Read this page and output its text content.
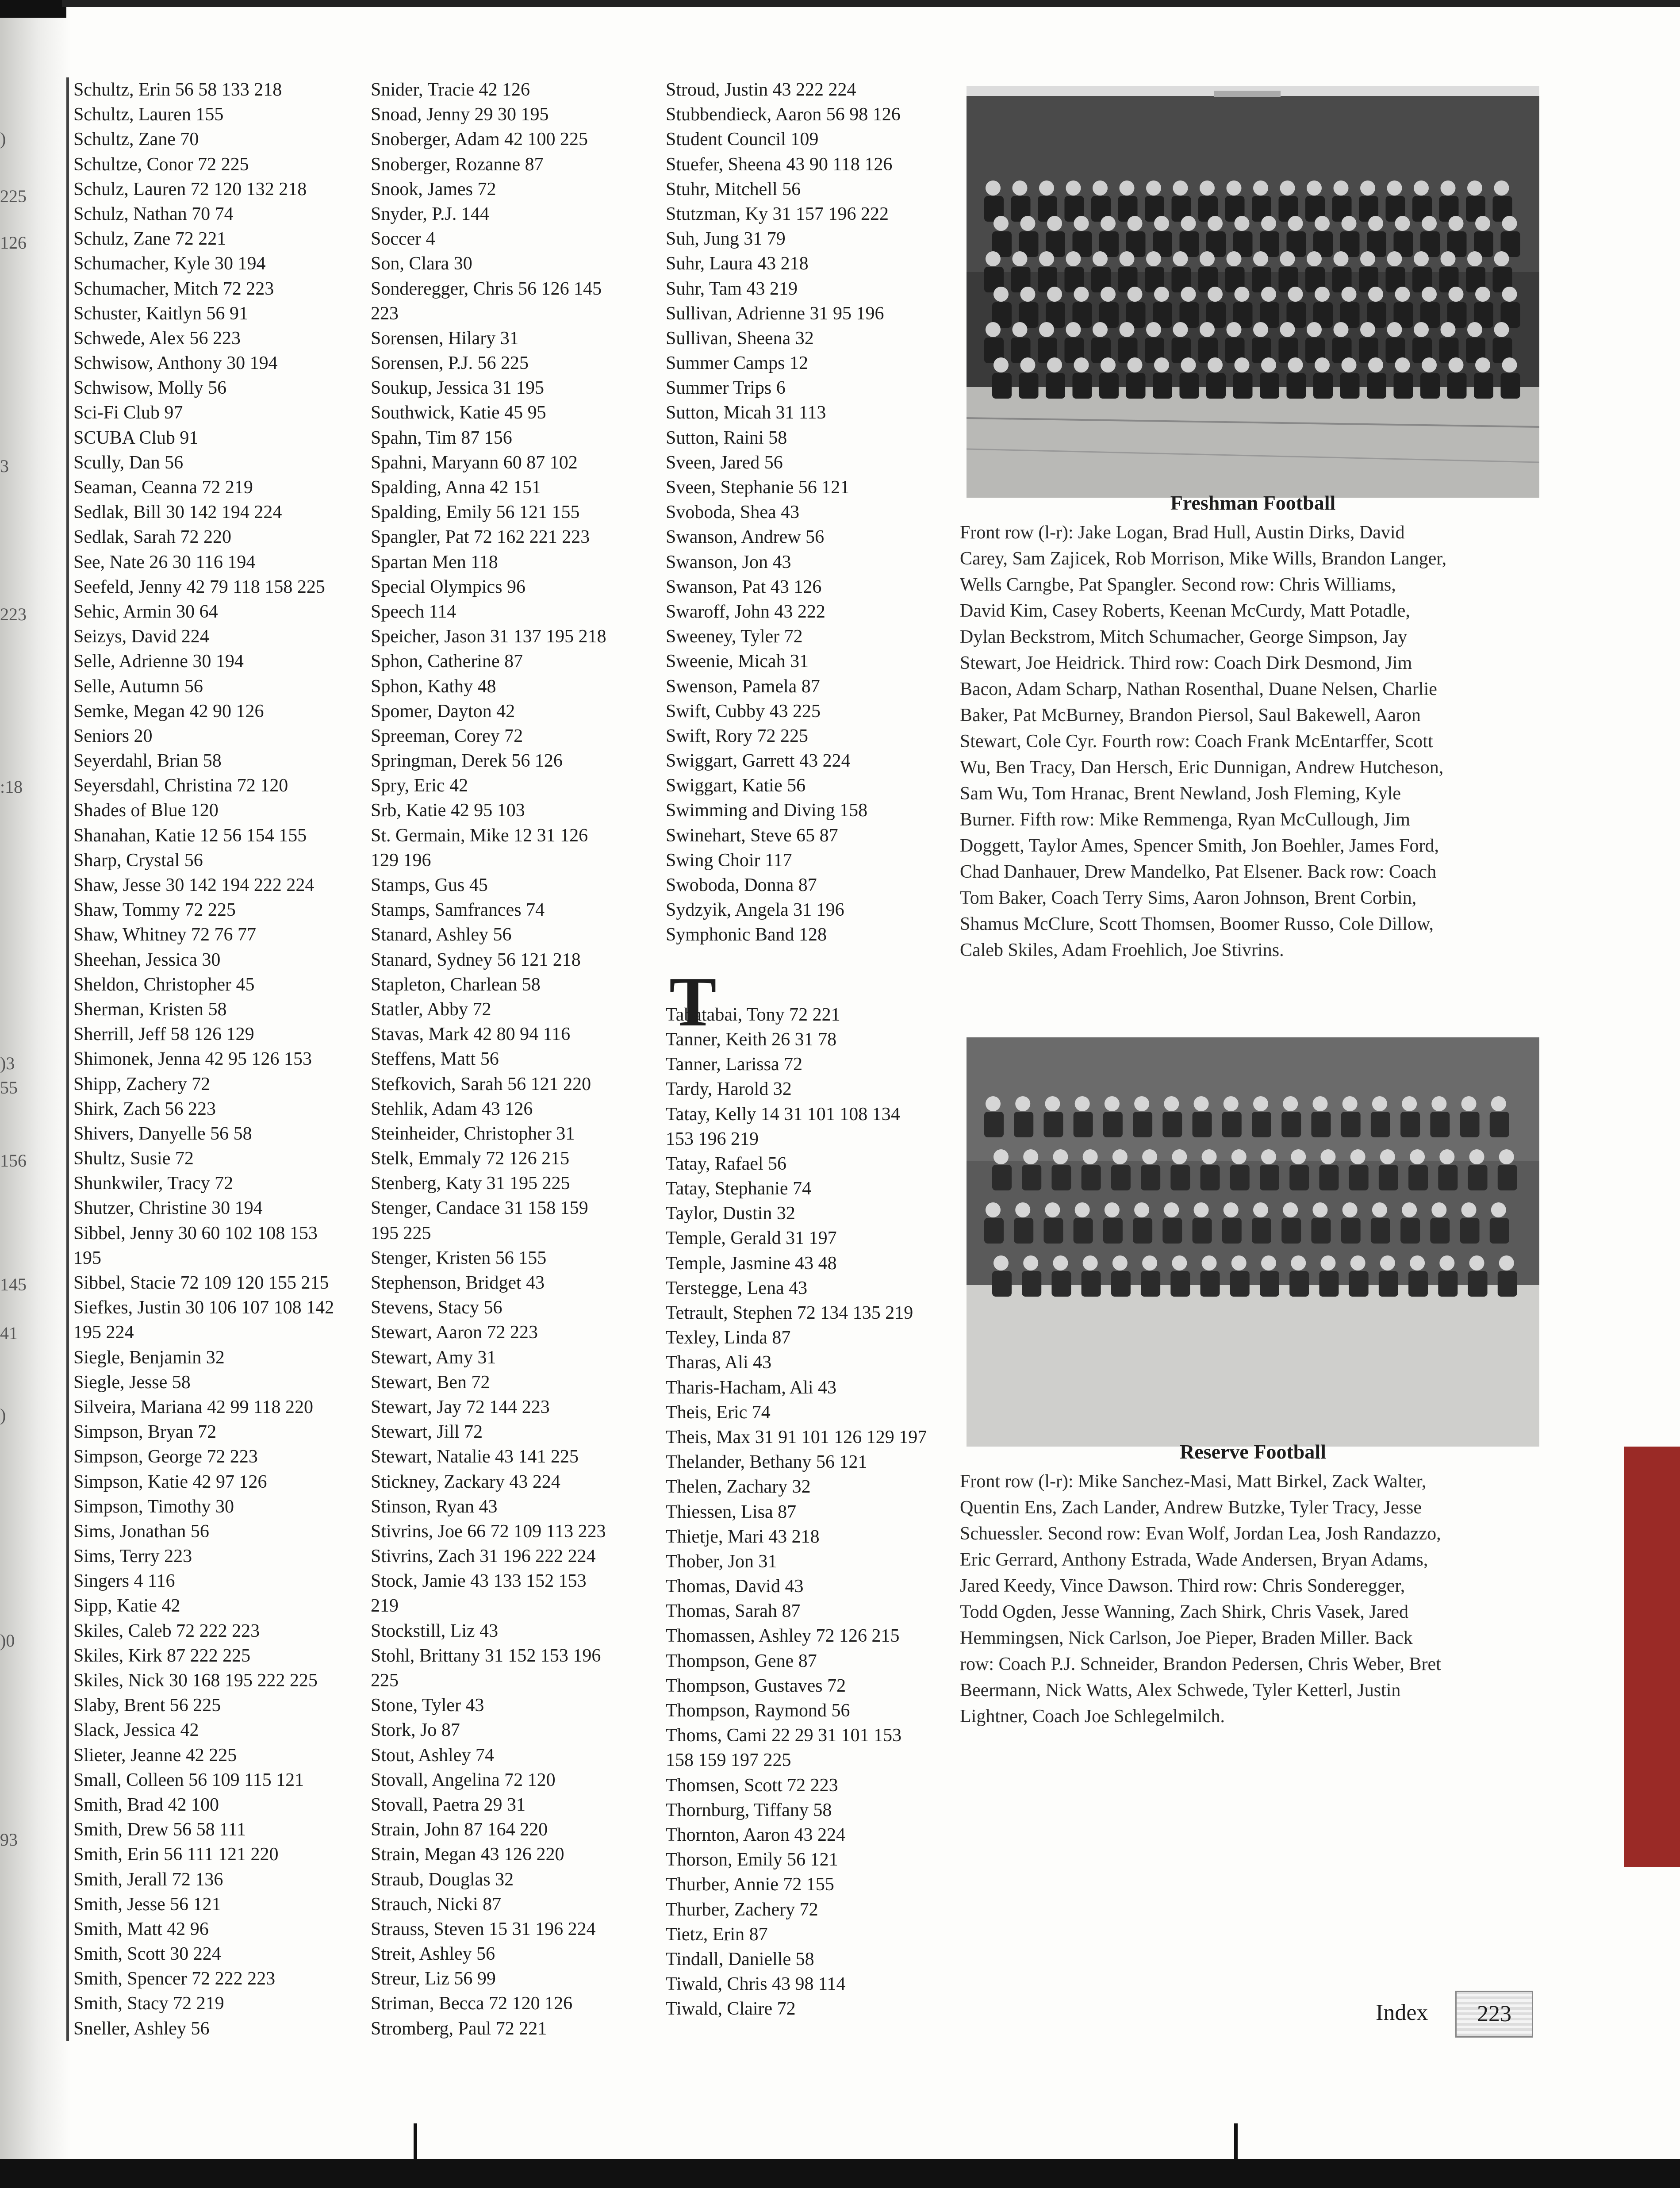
Schultz, Erin 56 58 133 218
Schultz, Lauren 155
Schultz, Zane 70
Schultze, Conor 72 225
Schulz, Lauren 72 120 132 218
Schulz, Nathan 70 74
Schulz, Zane 72 221
Schumacher, Kyle 30 194
Schumacher, Mitch 72 223
Schuster, Kaitlyn 56 91
Schwede, Alex 56 223
Schwisow, Anthony 30 194
Schwisow, Molly 56
Sci-Fi Club 97
SCUBA Club 91
Scully, Dan 56
Seaman, Ceanna 72 219
Sedlak, Bill 30 142 194 224
Sedlak, Sarah 72 220
See, Nate 26 30 116 194
Seefeld, Jenny 42 79 118 158 225
Sehic, Armin 30 64
Seizys, David 224
Selle, Adrienne 30 194
Selle, Autumn 56
Semke, Megan 42 90 126
Seniors 20
Seyerdahl, Brian 58
Seyersdahl, Christina 72 120
Shades of Blue 120
Shanahan, Katie 12 56 154 155
Sharp, Crystal 56
Shaw, Jesse 30 142 194 222 224
Shaw, Tommy 72 225
Shaw, Whitney 72 76 77
Sheehan, Jessica 30
Sheldon, Christopher 45
Sherman, Kristen 58
Sherrill, Jeff 58 126 129
Shimonek, Jenna 42 95 126 153
Shipp, Zachery 72
Shirk, Zach 56 223
Shivers, Danyelle 56 58
Shultz, Susie 72
Shunkwiler, Tracy 72
Shutzer, Christine 30 194
Sibbel, Jenny 30 60 102 108 153
195
Sibbel, Stacie 72 109 120 155 215
Siefkes, Justin 30 106 107 108 142
195 224
Siegle, Benjamin 32
Siegle, Jesse 58
Silveira, Mariana 42 99 118 220
Simpson, Bryan 72
Simpson, George 72 223
Simpson, Katie 42 97 126
Simpson, Timothy 30
Sims, Jonathan 56
Sims, Terry 223
Singers 4 116
Sipp, Katie 42
Skiles, Caleb 72 222 223
Skiles, Kirk 87 222 225
Skiles, Nick 30 168 195 222 225
Slaby, Brent 56 225
Slack, Jessica 42
Slieter, Jeanne 42 225
Small, Colleen 56 109 115 121
Smith, Brad 42 100
Smith, Drew 56 58 111
Smith, Erin 56 111 121 220
Smith, Jerall 72 136
Smith, Jesse 56 121
Smith, Matt 42 96
Smith, Scott 30 224
Smith, Spencer 72 222 223
Smith, Stacy 72 219
Sneller, Ashley 56
Snider, Tracie 42 126
Snoad, Jenny 29 30 195
Snoberger, Adam 42 100 225
Snoberger, Rozanne 87
Snook, James 72
Snyder, P.J. 144
Soccer 4
Son, Clara 30
Sonderegger, Chris 56 126 145
223
Sorensen, Hilary 31
Sorensen, P.J. 56 225
Soukup, Jessica 31 195
Southwick, Katie 45 95
Spahn, Tim 87 156
Spahni, Maryann 60 87 102
Spalding, Anna 42 151
Spalding, Emily 56 121 155
Spangler, Pat 72 162 221 223
Spartan Men 118
Special Olympics 96
Speech 114
Speicher, Jason 31 137 195 218
Sphon, Catherine 87
Sphon, Kathy 48
Spomer, Dayton 42
Spreeman, Corey 72
Springman, Derek 56 126
Spry, Eric 42
Srb, Katie 42 95 103
St. Germain, Mike 12 31 126
129 196
Stamps, Gus 45
Stamps, Samfrances 74
Stanard, Ashley 56
Stanard, Sydney 56 121 218
Stapleton, Charlean 58
Statler, Abby 72
Stavas, Mark 42 80 94 116
Steffens, Matt 56
Stefkovich, Sarah 56 121 220
Stehlik, Adam 43 126
Steinheider, Christopher 31
Stelk, Emmaly 72 126 215
Stenberg, Katy 31 195 225
Stenger, Candace 31 158 159
195 225
Stenger, Kristen 56 155
Stephenson, Bridget 43
Stevens, Stacy 56
Stewart, Aaron 72 223
Stewart, Amy 31
Stewart, Ben 72
Stewart, Jay 72 144 223
Stewart, Jill 72
Stewart, Natalie 43 141 225
Stickney, Zackary 43 224
Stinson, Ryan 43
Stivrins, Joe 66 72 109 113 223
Stivrins, Zach 31 196 222 224
Stock, Jamie 43 133 152 153
219
Stockstill, Liz 43
Stohl, Brittany 31 152 153 196
225
Stone, Tyler 43
Stork, Jo 87
Stout, Ashley 74
Stovall, Angelina 72 120
Stovall, Paetra 29 31
Strain, John 87 164 220
Strain, Megan 43 126 220
Straub, Douglas 32
Strauch, Nicki 87
Strauss, Steven 15 31 196 224
Streit, Ashley 56
Streur, Liz 56 99
Striman, Becca 72 120 126
Stromberg, Paul 72 221
Stroud, Justin 43 222 224
Stubbendieck, Aaron 56 98 126
Student Council 109
Stuefer, Sheena 43 90 118 126
Stuhr, Mitchell 56
Stutzman, Ky 31 157 196 222
Suh, Jung 31 79
Suhr, Laura 43 218
Suhr, Tam 43 219
Sullivan, Adrienne 31 95 196
Sullivan, Sheena 32
Summer Camps 12
Summer Trips 6
Sutton, Micah 31 113
Sutton, Raini 58
Sveen, Jared 56
Sveen, Stephanie 56 121
Svoboda, Shea 43
Swanson, Andrew 56
Swanson, Jon 43
Swanson, Pat 43 126
Swaroff, John 43 222
Sweeney, Tyler 72
Sweenie, Micah 31
Swenson, Pamela 87
Swift, Cubby 43 225
Swift, Rory 72 225
Swiggart, Garrett 43 224
Swiggart, Katie 56
Swimming and Diving 158
Swinehart, Steve 65 87
Swing Choir 117
Swoboda, Donna 87
Sydzyik, Angela 31 196
Symphonic Band 128
T
Tabatabai, Tony 72 221
Tanner, Keith 26 31 78
Tanner, Larissa 72
Tardy, Harold 32
Tatay, Kelly 14 31 101 108 134
153 196 219
Tatay, Rafael 56
Tatay, Stephanie 74
Taylor, Dustin 32
Temple, Gerald 31 197
Temple, Jasmine 43 48
Terstegge, Lena 43
Tetrault, Stephen 72 134 135 219
Texley, Linda 87
Tharas, Ali 43
Tharis-Hacham, Ali 43
Theis, Eric 74
Theis, Max 31 91 101 126 129 197
Thelander, Bethany 56 121
Thelen, Zachary 32
Thiessen, Lisa 87
Thietje, Mari 43 218
Thober, Jon 31
Thomas, David 43
Thomas, Sarah 87
Thomassen, Ashley 72 126 215
Thompson, Gene 87
Thompson, Gustaves 72
Thompson, Raymond 56
Thoms, Cami 22 29 31 101 153
158 159 197 225
Thomsen, Scott 72 223
Thornburg, Tiffany 58
Thornton, Aaron 43 224
Thorson, Emily 56 121
Thurber, Annie 72 155
Thurber, Zachery 72
Tietz, Erin 87
Tindall, Danielle 58
Tiwald, Chris 43 98 114
Tiwald, Claire 72
Freshman Football
Front row (l-r): Jake Logan, Brad Hull, Austin Dirks, David
Carey, Sam Zajicek, Rob Morrison, Mike Wills, Brandon Langer,
Wells Carngbe, Pat Spangler. Second row: Chris Williams,
David Kim, Casey Roberts, Keenan McCurdy, Matt Potadle,
Dylan Beckstrom, Mitch Schumacher, George Simpson, Jay
Stewart, Joe Heidrick. Third row: Coach Dirk Desmond, Jim
Bacon, Adam Scharp, Nathan Rosenthal, Duane Nelsen, Charlie
Baker, Pat McBurney, Brandon Piersol, Saul Bakewell, Aaron
Stewart, Cole Cyr. Fourth row: Coach Frank McEntarffer, Scott
Wu, Ben Tracy, Dan Hersch, Eric Dunnigan, Andrew Hutcheson,
Sam Wu, Tom Hranac, Brent Newland, Josh Fleming, Kyle
Burner. Fifth row: Mike Remmenga, Ryan McCullough, Jim
Doggett, Taylor Ames, Spencer Smith, Jon Boehler, James Ford,
Chad Danhauer, Drew Mandelko, Pat Elsener. Back row: Coach
Tom Baker, Coach Terry Sims, Aaron Johnson, Brent Corbin,
Shamus McClure, Scott Thomsen, Boomer Russo, Cole Dillow,
Caleb Skiles, Adam Froehlich, Joe Stivrins.
Reserve Football
Front row (l-r): Mike Sanchez-Masi, Matt Birkel, Zack Walter,
Quentin Ens, Zach Lander, Andrew Butzke, Tyler Tracy, Jesse
Schuessler. Second row: Evan Wolf, Jordan Lea, Josh Randazzo,
Eric Gerrard, Anthony Estrada, Wade Andersen, Bryan Adams,
Jared Keedy, Vince Dawson. Third row: Chris Sonderegger,
Todd Ogden, Jesse Wanning, Zach Shirk, Chris Vasek, Jared
Hemmingsen, Nick Carlson, Joe Pieper, Braden Miller. Back
row: Coach P.J. Schneider, Brandon Pedersen, Chris Weber, Bret
Beermann, Nick Watts, Alex Schwede, Tyler Ketterl, Justin
Lightner, Coach Joe Schlegelmilch.
Index	223
)
225
126
3
223
:18
)3
55
156
145
41
)
)0
93
